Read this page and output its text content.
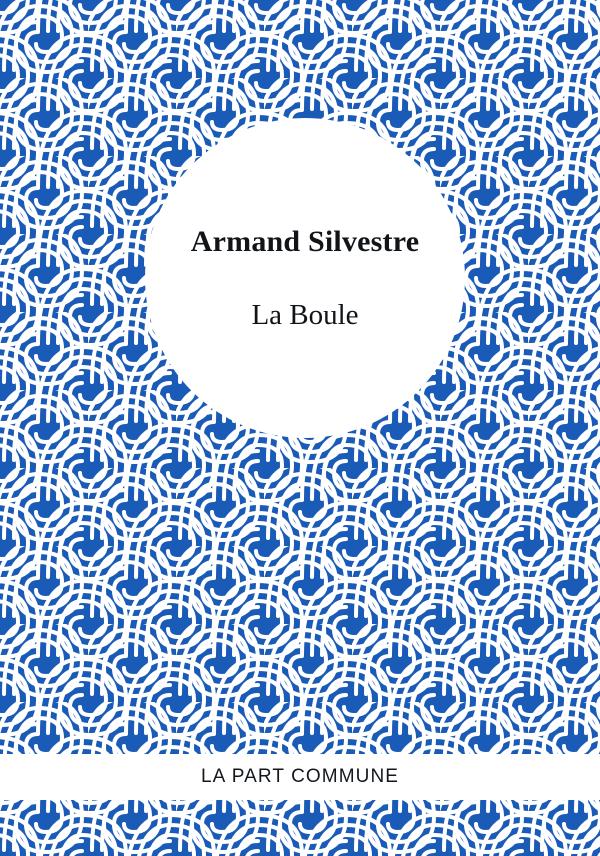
Armand Silvestre
La Boule
LA PART COMMUNE
